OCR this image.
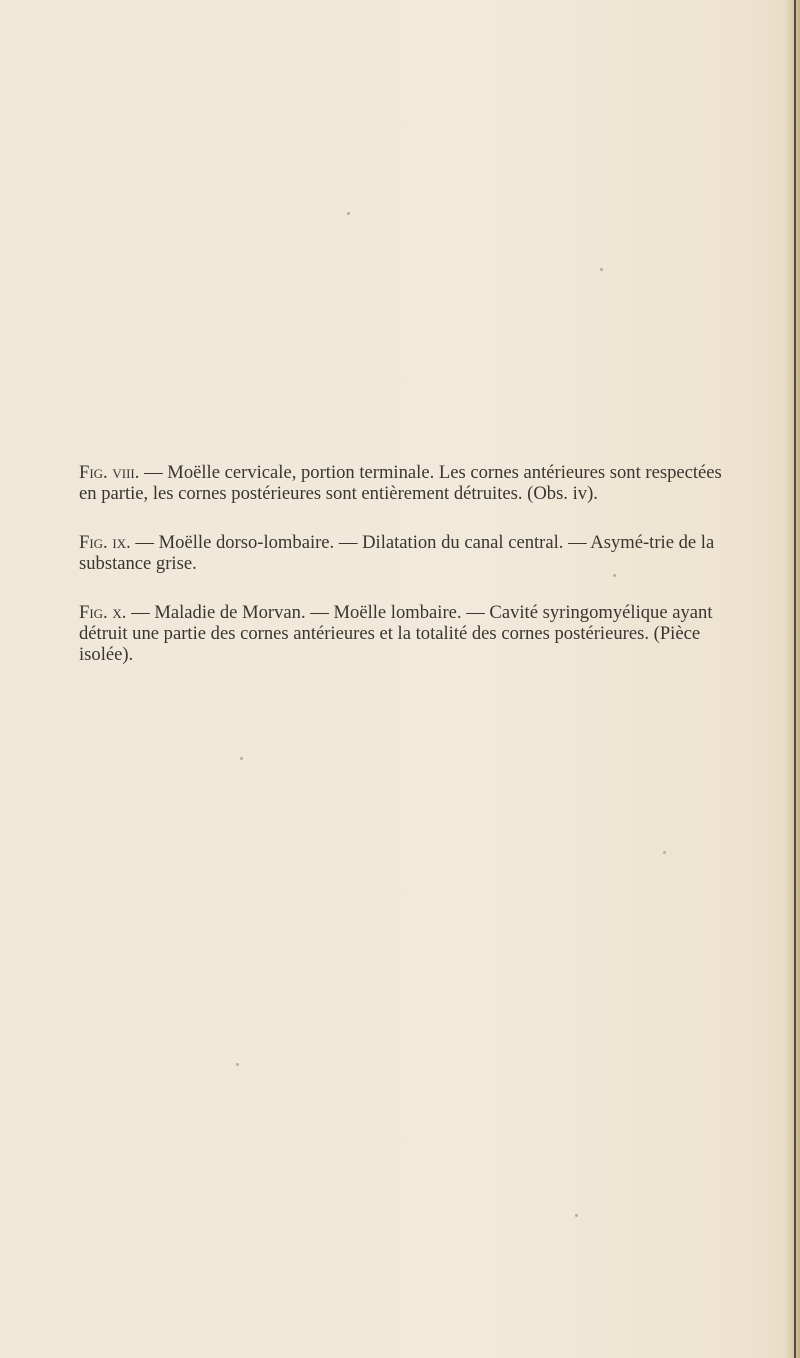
Fig. viii. — Moëlle cervicale, portion terminale. Les cornes antérieures sont respectées en partie, les cornes postérieures sont entièrement détruites. (Obs. iv).

Fig. ix. — Moëlle dorso-lombaire. — Dilatation du canal central. — Asymé-trie de la substance grise.

Fig. x. — Maladie de Morvan. — Moëlle lombaire. — Cavité syringomyélique ayant détruit une partie des cornes antérieures et la totalité des cornes postérieures. (Pièce isolée).
